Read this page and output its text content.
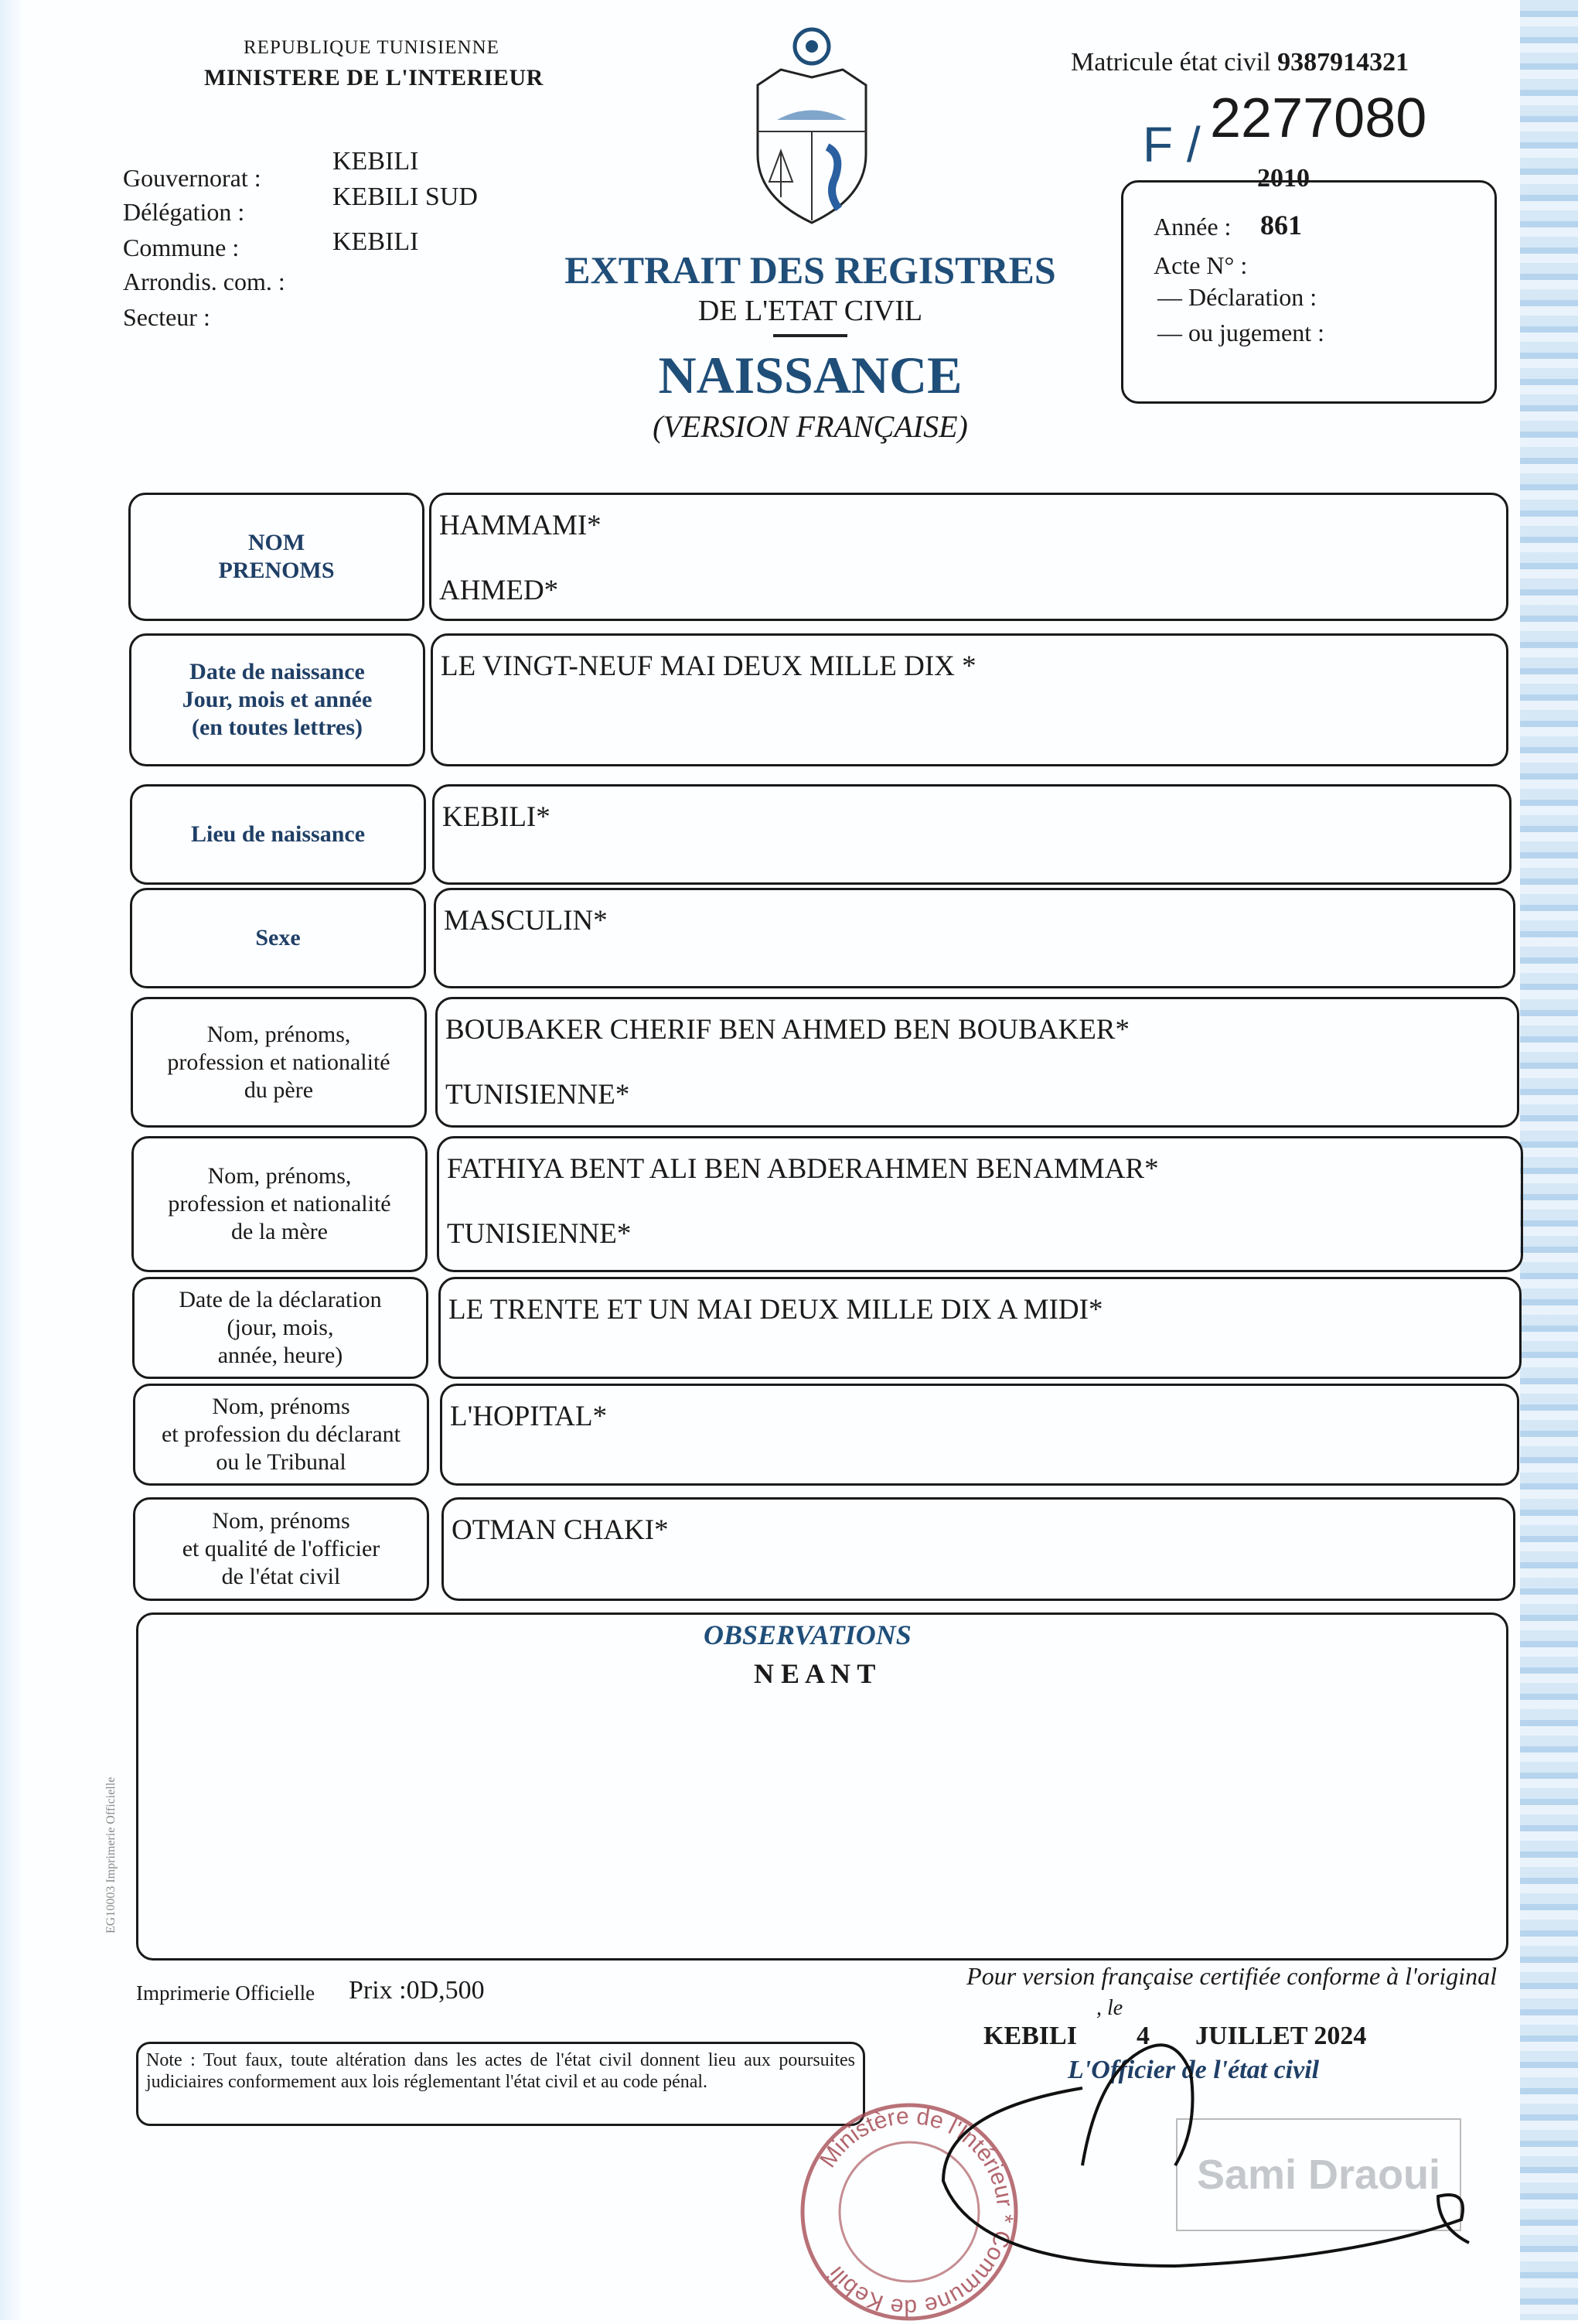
REPUBLIQUE TUNISIENNE
MINISTERE DE L'INTERIEUR
Gouvernorat :
Délégation :
Commune :
Arrondis. com. :
Secteur :
KEBILI
KEBILI SUD
KEBILI
EXTRAIT DES REGISTRES
DE L'ETAT CIVIL
NAISSANCE
(VERSION FRANÇAISE)
Matricule état civil 9387914321
F / 2277080
2010
Année : 861
Acte N° :
— Déclaration :
— ou jugement :
NOM
PRENOMS
HAMMAMI*
AHMED*
Date de naissance
Jour, mois et année
(en toutes lettres)
LE VINGT-NEUF MAI DEUX MILLE DIX *
Lieu de naissance
KEBILI*
Sexe
MASCULIN*
Nom, prénoms,
profession et nationalité
du père
BOUBAKER CHERIF BEN AHMED BEN BOUBAKER*
TUNISIENNE*
Nom, prénoms,
profession et nationalité
de la mère
FATHIYA BENT ALI BEN ABDERAHMEN BENAMMAR*
TUNISIENNE*
Date de la déclaration
(jour, mois,
année, heure)
LE TRENTE ET UN MAI DEUX MILLE DIX A MIDI*
Nom, prénoms
et profession du déclarant
ou le Tribunal
L'HOPITAL*
Nom, prénoms
et qualité de l'officier
de l'état civil
OTMAN CHAKI*
OBSERVATIONS
N E A N T
EG10003 Imprimerie Officielle
Imprimerie Officielle Prix :0D,500	Pour version française certifiée conforme à l'original
KEBILI
, le
4 JUILLET 2024
L'Officier de l'état civil
Note : Tout faux, toute altération dans les actes de l'état civil donnent lieu aux poursuites judiciaires conformement aux lois réglementant l'état civil et au code pénal.
Ministère de l'Intérieur * Commune de Kebili
Sami Draoui
